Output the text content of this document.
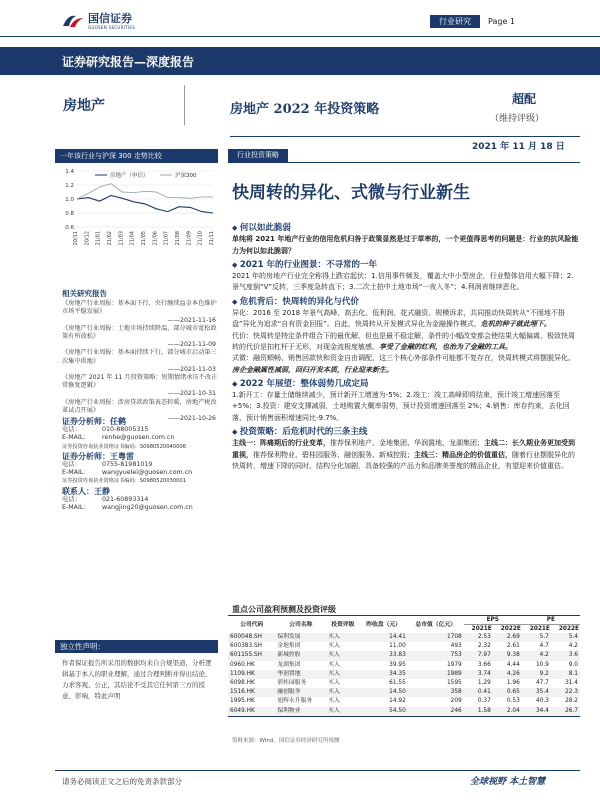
国信证券
GUOSEN SECURITIES
行业研究	Page 1
证券研究报告—深度报告
房地产	房地产 2022 年投资策略
超配
（维持评级）
2021 年 11 月 18 日
一年该行业与沪深 300 走势比较
1.4
1.2
1.0
0.8
0.6
20/11 20/12 21/01 21/02 21/03 21/04 21/05 21/06 21/07 21/08 21/09 21/10 21/11
房地产（申信）	沪深300
相关研究报告
《房地产行业周报：基本面下行，央行继续益金本色维护市场平稳发展》
——2021-11-16
《房地产行业周报：土地市场持续降温，部分城市宽松政策有所放松》
——2021-11-09
《房地产行业周报：基本面持续下行，部分城市启动第三次集中供地》
——2021-11-03
《房地产 2021 年 11 月投资策略：短期情绪承压不改正常修复逻辑》
——2021-10-31
《房地产行业周报：涉房贷款政策表态转暖，房地产税改革试点开展》
——2021-10-26
证券分析师：任鹤
电话：	010-88005315
E-MAIL：	renhe@guosen.com.cn
证券投资咨询执业资格证书编码：S0980520040006
证券分析师：王粤雷
电话：	0755-81981019
E-MAIL：	wangyuelei@guosen.com.cn
证券投资咨询执业资格证书编码：S0980520030001
联系人：王静
电话：	021-60893314
E-MAIL：	wangjing20@guosen.com.cn
独立性声明：
作者保证报告所采用的数据均来自合规渠道，分析逻辑基于本人的职业理解，通过合理判断并得出结论，力求客观、公正，其结论不受其它任何第三方的授意、影响，特此声明
行业投资策略
快周转的异化、式微与行业新生
◆ 何以如此脆弱
单纯将 2021 年地产行业的信用危机归咎于政策显然是过于草率的，一个更值得思考的问题是：行业的抗风险能力为何以如此脆弱？
◆ 2021 年的行业图景：不寻常的一年
2021 年的房地产行业完全称得上跌宕起伏：1.信用事件频发，覆盖大中小型房企，行业整体信用大幅下降；2.景气度倒“V”反转，三季度急转直下；3.二次土拍中土地市场“一夜入冬”；4.利润表继续恶化。
◆ 危机背后：快周转的异化与代价
异化：2016 至 2018 年景气高峰，高去化、低利润、花式融资、规模诉求，共同推动快周转从“不囤地不捂盘”异化为追求“自有资金回报”。自此，快周转从开发模式异化为金融操作模式，危机的种子就此埋下。
代价：快周转是特定条件组合下的最优解，但也是最不稳定解，条件的小幅改变都会使结果大幅偏离，极致快周转的代价是扣杠杆于无形，对现金流极度敏感。享受了金融的红利，也治为了金融的工具。
式微：融资順畅、销售回款快和资金自由调配，这三个核心外部条件可能都不复存在，快周转模式将摆脱异化。房企金融属性减弱，回归开发本质，行业迎来新生。
◆ 2022 年展望：整体弱势几成定局
1.新开工：存量土储继续减少，预计新开工增速为-5%；2.竣工：竣工高峰即将结束，预计竣工增速回落至+5%；3.投资：建安支撑减弱，土地购置大概率弱势，预计投资增速回落至 2%；4.销售：库存约束，去化回落，预计销售面积增速同比-9.7%。
◆ 投资策略：后危机时代的三条主线
主线一：阵痛期后的行业变革，推荐保利地产、金地集团、华润置地、龙湖集团；主线二：长久期业务更加受到重视，推荐保利物业、碧桂园服务、融创服务、新城控股；主线三：精品房企的价值重估，随着行业摆脱异化的快周转，增速下降的同时，结构分化加剧，具备较强的产品力和品牌美誉度的精品企业，有望迎来价值重估。
重点公司盈利预测及投资评级
公司代码	公司名称	投资评级	昨收盘（元）	总市值（亿元）	EPS		PE	
					2021E	2022E	2021E	2022E
600048.SH	保利发展	买入	14.41	1708	2.53	2.69	5.7	5.4
600383.SH	金地集团	买入	11.00	493	2.32	2.61	4.7	4.2
601155.SH	新城控股	买入	33.83	753	7.97	9.38	4.2	3.6
0960.HK	龙湖集团	买入	39.95	1979	3.66	4.44	10.9	9.0
1109.HK	华润置地	买入	34.35	1989	3.74	4.26	9.2	8.1
6098.HK	碧桂园服务	买入	61.55	1595	1.29	1.96	47.7	31.4
1516.HK	融创服务	买入	14.50	358	0.41	0.65	35.4	22.3
1995.HK	旭辉永升服务	买入	14.92	209	0.37	0.53	40.3	28.2
6049.HK	保利物业	买入	54.50	246	1.58	2.04	34.4	26.7
资料来源：Wind、国信证券经济研究所预测
请务必阅读正文之后的免责条款部分	全球视野 本土智慧
